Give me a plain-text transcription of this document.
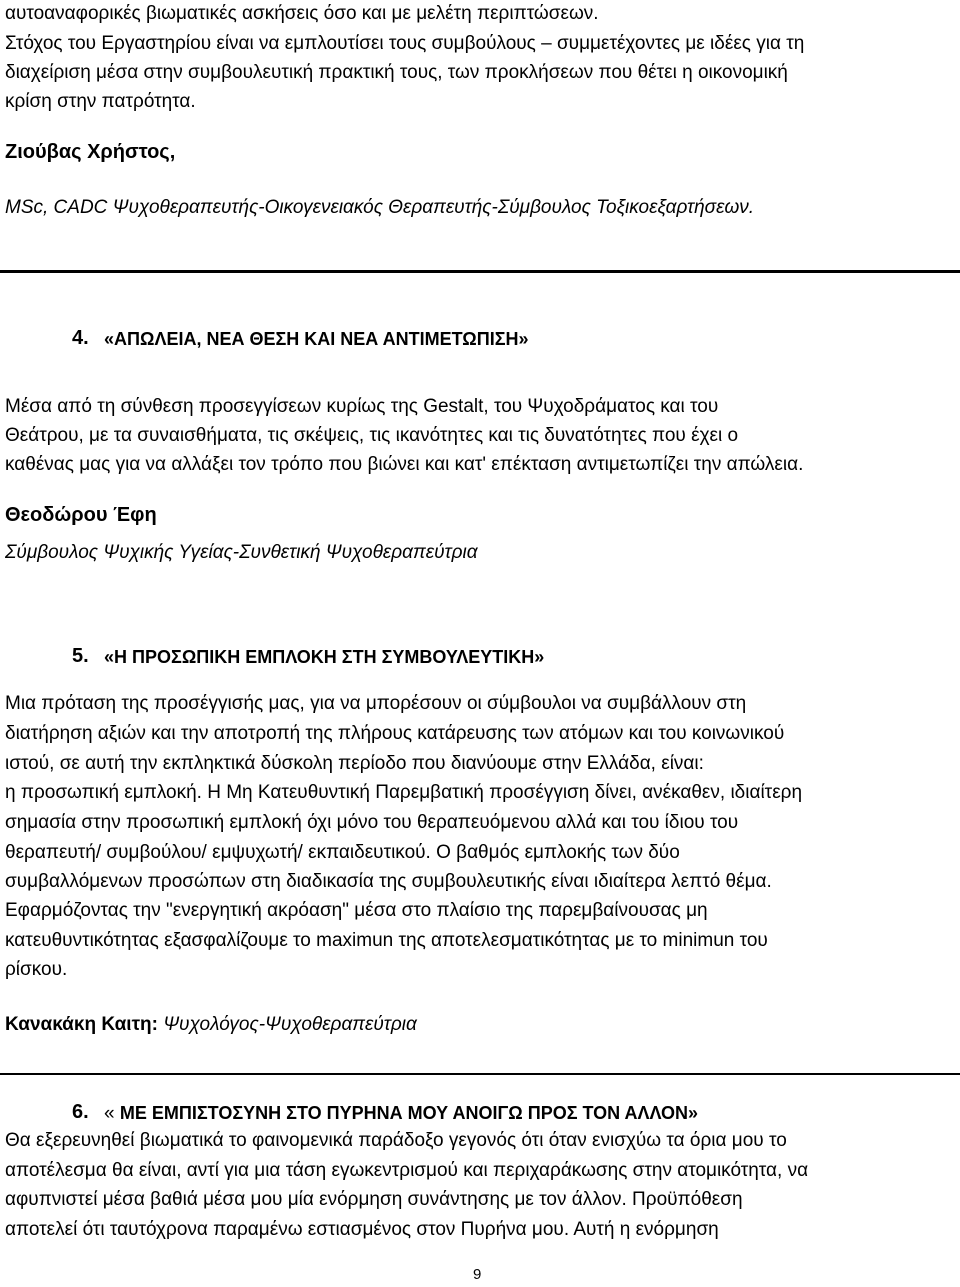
αυτοαναφορικές βιωματικές ασκήσεις όσο και με μελέτη περιπτώσεων.
Στόχος του Εργαστηρίου είναι να εμπλουτίσει τους συμβούλους – συμμετέχοντες με ιδέες για τη
διαχείριση μέσα στην συμβουλευτική πρακτική τους, των προκλήσεων που θέτει η οικονομική
κρίση στην πατρότητα.
Ζιούβας Χρήστος,
MSc, CADC Ψυχοθεραπευτής-Οικογενειακός Θεραπευτής-Σύμβουλος Τοξικοεξαρτήσεων.
4. «ΑΠΩΛΕΙΑ, ΝΕΑ ΘΕΣΗ ΚΑΙ ΝΕΑ ΑΝΤΙΜΕΤΩΠΙΣΗ»
Μέσα από τη σύνθεση προσεγγίσεων κυρίως της Gestalt, του Ψυχοδράματος και του
Θεάτρου, με τα συναισθήματα, τις σκέψεις, τις ικανότητες και τις δυνατότητες που έχει ο
καθένας μας για να αλλάξει τον τρόπο που βιώνει και κατ' επέκταση αντιμετωπίζει την απώλεια.
Θεοδώρου Έφη
Σύμβουλος Ψυχικής Υγείας-Συνθετική Ψυχοθεραπεύτρια
5. «Η ΠΡΟΣΩΠΙΚΗ ΕΜΠΛΟΚΗ ΣΤΗ ΣΥΜΒΟΥΛΕΥΤΙΚΗ»
Μια πρόταση της προσέγγισής μας, για να μπορέσουν οι σύμβουλοι να συμβάλλουν στη
διατήρηση αξιών και την αποτροπή της πλήρους κατάρευσης των ατόμων και του κοινωνικού
ιστού, σε αυτή την εκπληκτικά δύσκολη περίοδο που διανύουμε στην Ελλάδα, είναι:
η προσωπική εμπλοκή. Η Μη Κατευθυντική Παρεμβατική προσέγγιση δίνει, ανέκαθεν, ιδιαίτερη
σημασία στην προσωπική εμπλοκή όχι μόνο του θεραπευόμενου αλλά και του ίδιου του
θεραπευτή/ συμβούλου/ εμψυχωτή/ εκπαιδευτικού. Ο βαθμός εμπλοκής των δύο
συμβαλλόμενων προσώπων στη διαδικασία της συμβουλευτικής είναι ιδιαίτερα λεπτό θέμα.
Εφαρμόζοντας την "ενεργητική ακρόαση" μέσα στο πλαίσιο της παρεμβαίνουσας μη
κατευθυντικότητας εξασφαλίζουμε το maximun της αποτελεσματικότητας με το minimun του
ρίσκου.
Κανακάκη Καιτη: Ψυχολόγος-Ψυχοθεραπεύτρια
6. « ΜΕ ΕΜΠΙΣΤΟΣΥΝΗ ΣΤΟ ΠΥΡΗΝΑ ΜΟΥ ΑΝΟΙΓΩ ΠΡΟΣ ΤΟΝ ΑΛΛΟΝ»
Θα εξερευνηθεί βιωματικά το φαινομενικά παράδοξο γεγονός ότι όταν ενισχύω τα όρια μου το
αποτέλεσμα θα είναι, αντί για μια τάση εγωκεντρισμού και περιχαράκωσης στην ατομικότητα, να
αφυπνιστεί μέσα βαθιά μέσα μου μία ενόρμηση συνάντησης με τον άλλον. Προϋπόθεση
αποτελεί ότι ταυτόχρονα παραμένω εστιασμένος στον Πυρήνα μου. Αυτή η ενόρμηση
9
